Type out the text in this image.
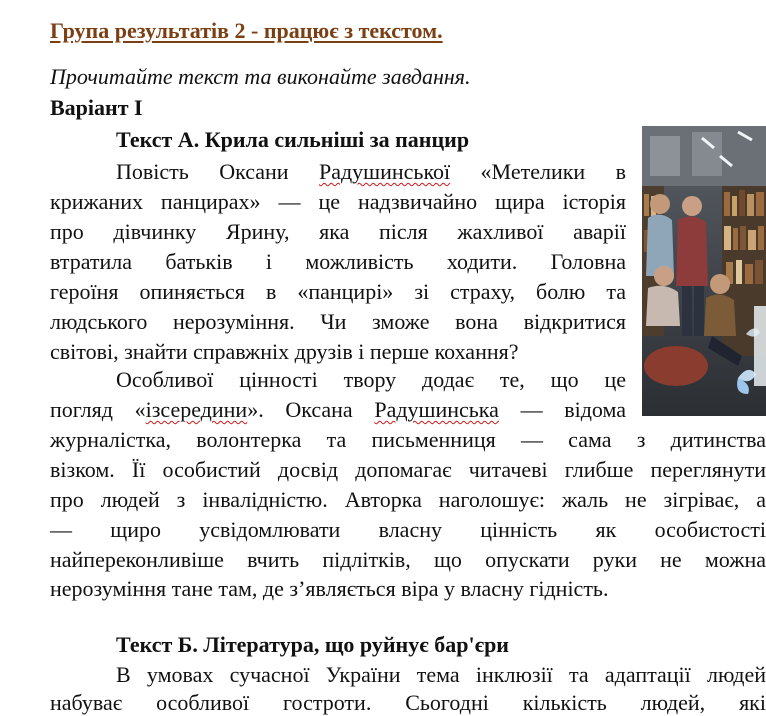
Група результатів 2 - працює з текстом.
Прочитайте текст та виконайте завдання.
Варіант І
Текст А. Крила сильніші за панцир
Повість Оксани Радушинської «Метелики в
крижаних панцирах» — це надзвичайно щира історія
про дівчинку Ярину, яка після жахливої аварії
втратила батьків і можливість ходити. Головна
героїня опиняється в «панцирі» зі страху, болю та
людського нерозуміння. Чи зможе вона відкритися
світові, знайти справжніх друзів і перше кохання?
Особливої цінності твору додає те, що це
погляд «ізсередини». Оксана Радушинська — відома
журналістка, волонтерка та письменниця — сама з дитинства
візком. Її особистий досвід допомагає читачеві глибше переглянути
про людей з інвалідністю. Авторка наголошує: жаль не зігріває, а
— щиро усвідомлювати власну цінність як особистості
найпереконливіше вчить підлітків, що опускати руки не можна
нерозуміння тане там, де з’являється віра у власну гідність.
Текст Б. Література, що руйнує бар'єри
В умовах сучасної України тема інклюзії та адаптації людей
набуває особливої гостроти. Сьогодні кількість людей, які
